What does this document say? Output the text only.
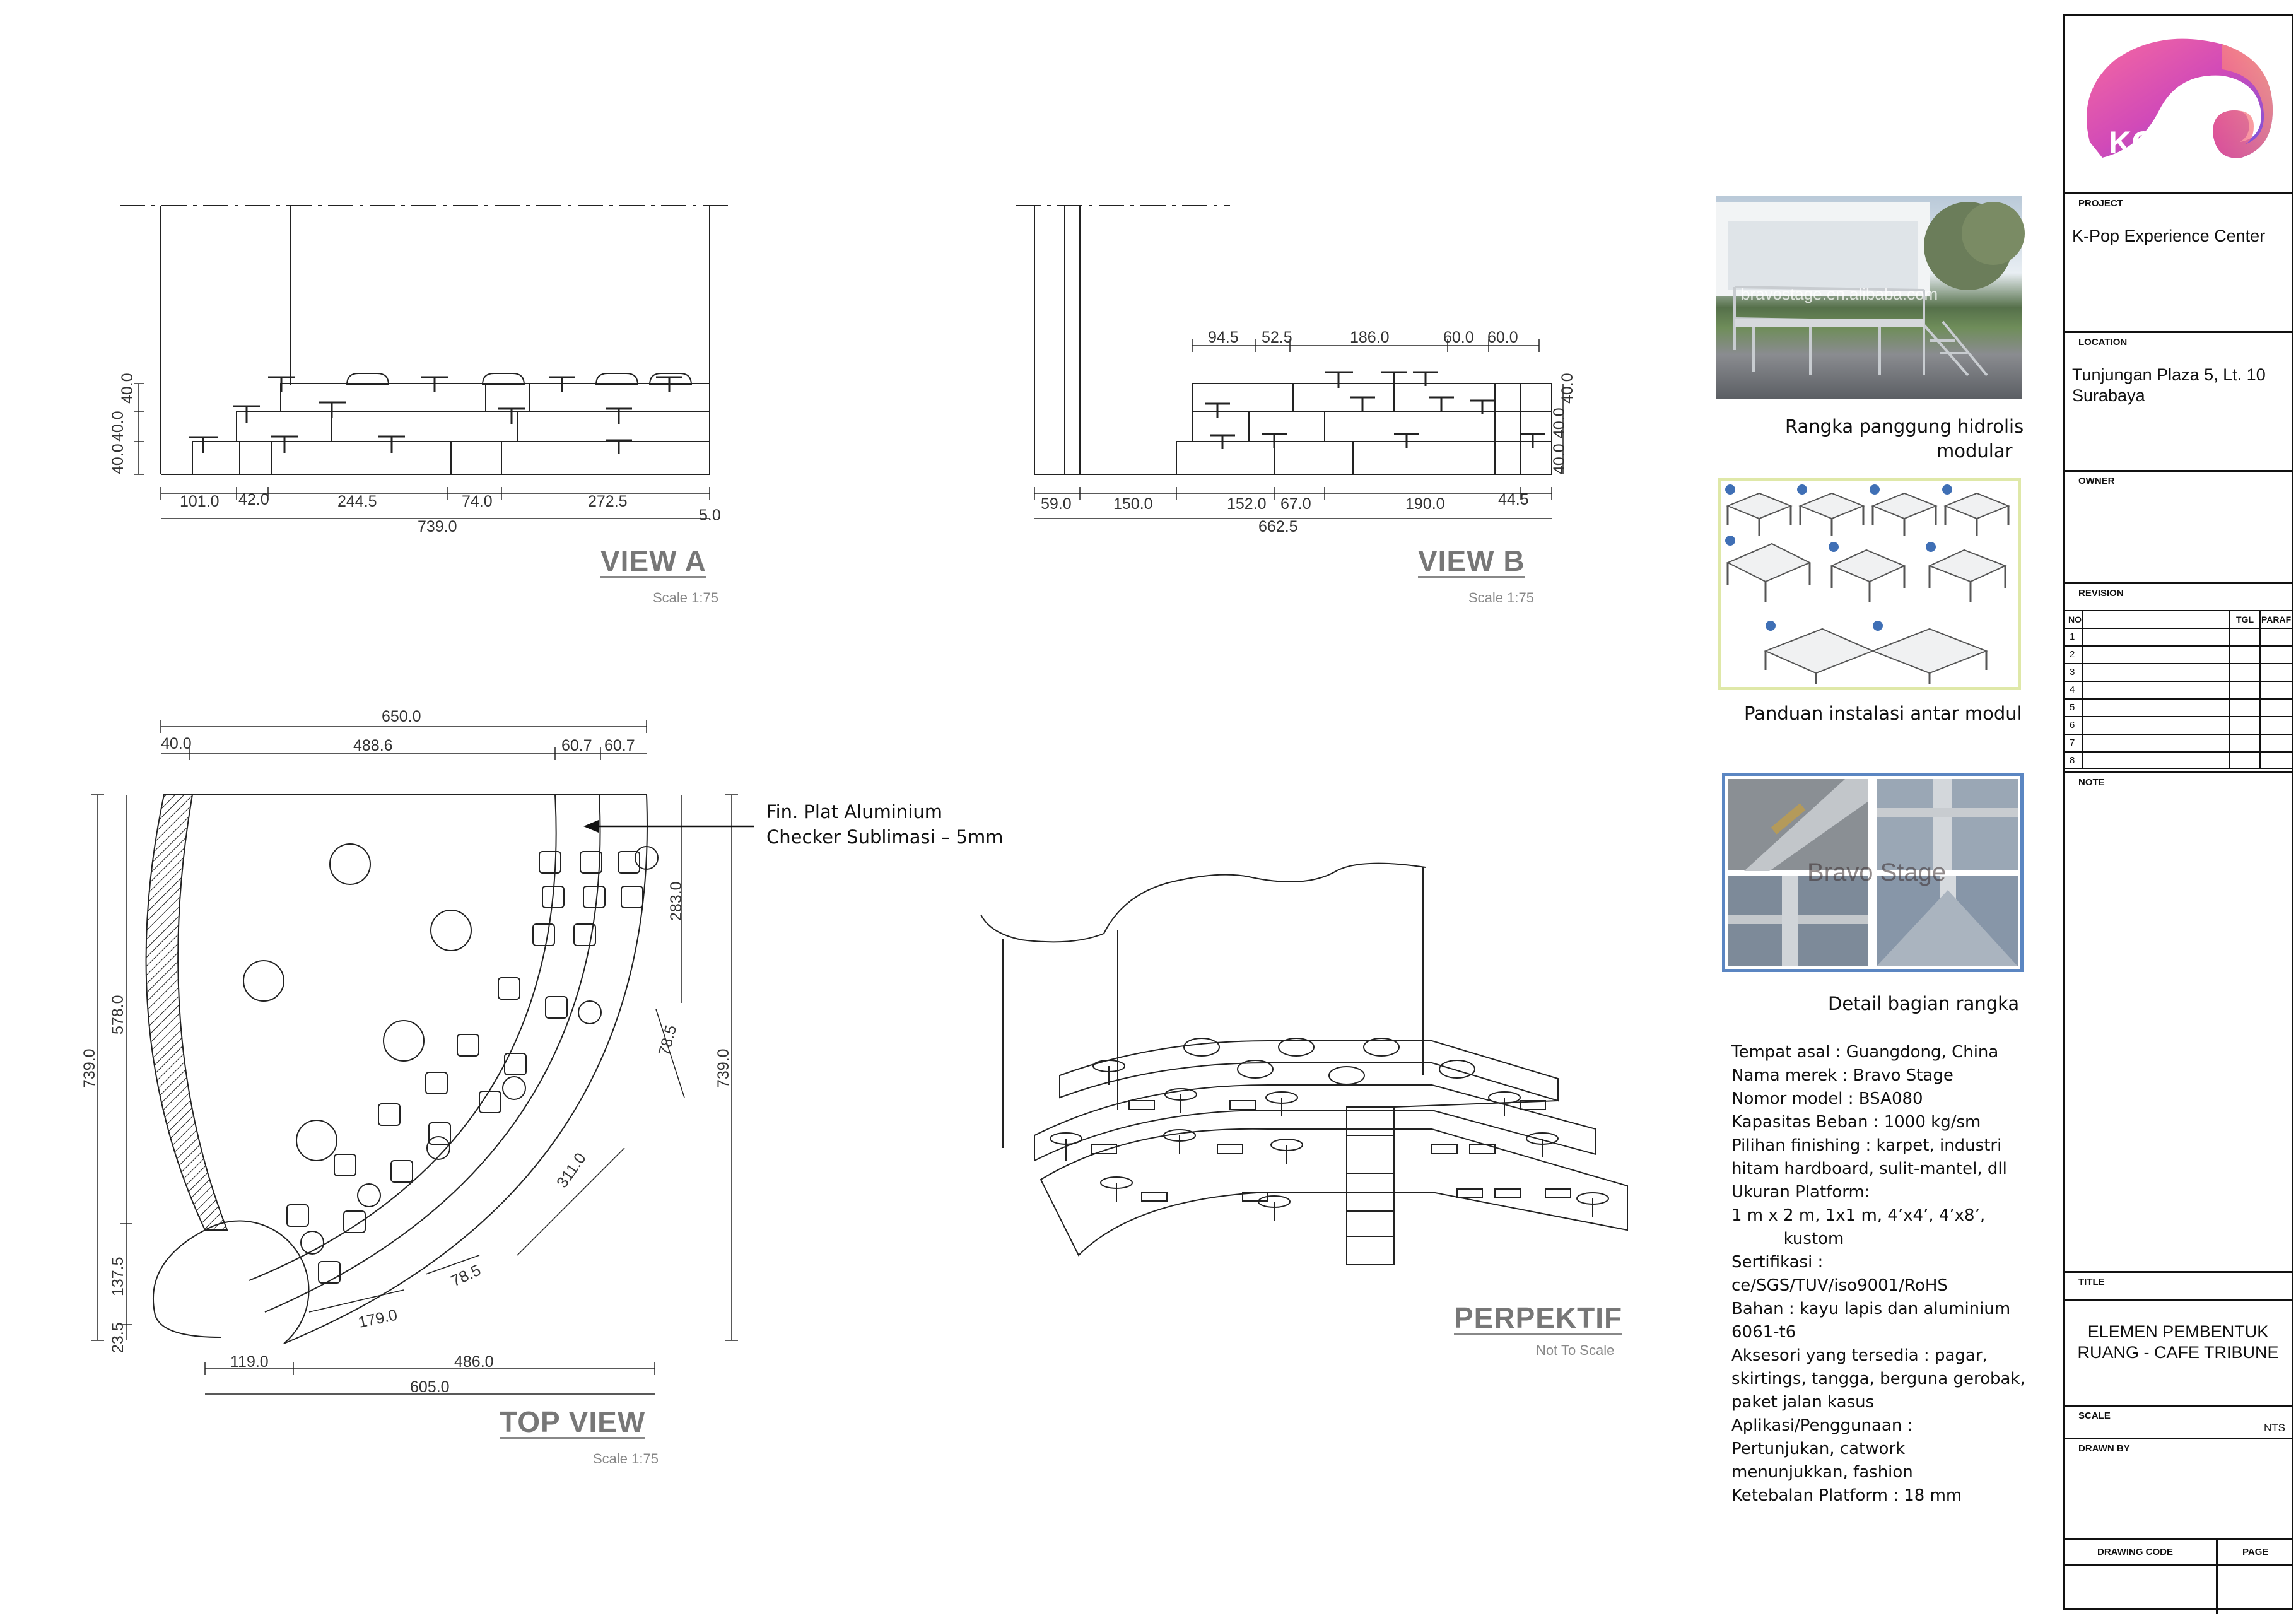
101.0 42.0	244.5	74.0	272.5
5.0
739.0
40.0
40.0
40.0
VIEW A
Scale 1:75
94.5 52.5	186.0	60.0 60.0
59.0	150.0	152.0 67.0	190.0	44.5
662.5
40.0
40.0
40.0
VIEW B
Scale 1:75
650.0
40.0	488.6	60.7 60.7
283.0
78.5
311.0
78.5
179.0
739.0
578.0
137.5
23.5
739.0
119.0	486.0
605.0
TOP VIEW
Scale 1:75
Fin. Plat Aluminium
Checker Sublimasi – 5mm
PERPEKTIF
Not To Scale
bravostage.en.alibaba.com
Rangka panggung hidrolis
modular
Panduan instalasi antar modul
Bravo Stage
Detail bagian rangka
Tempat asal : Guangdong, China
Nama merek : Bravo Stage
Nomor model : BSA080
Kapasitas Beban : 1000 kg/sm
Pilihan finishing : karpet, industri
hitam hardboard, sulit-mantel, dll
Ukuran Platform:
1 m x 2 m, 1x1 m, 4’x4’, 4’x8’,
kustom
Sertifikasi :
ce/SGS/TUV/iso9001/RoHS
Bahan : kayu lapis dan aluminium
6061-t6
Aksesori yang tersedia : pagar,
skirtings, tangga, berguna gerobak,
paket jalan kasus
Aplikasi/Penggunaan :
Pertunjukan, catwork
menunjukkan, fashion
Ketebalan Platform : 18 mm
KO x
PROJECT
K-Pop Experience Center
LOCATION
Tunjungan Plaza 5, Lt. 10
Surabaya
OWNER
REVISION
NO	TGL PARAF
1
2
3
4
5
6
7
8
NOTE
TITLE
ELEMEN PEMBENTUK
RUANG - CAFE TRIBUNE
SCALE
NTS
DRAWN BY
DRAWING CODE	PAGE
